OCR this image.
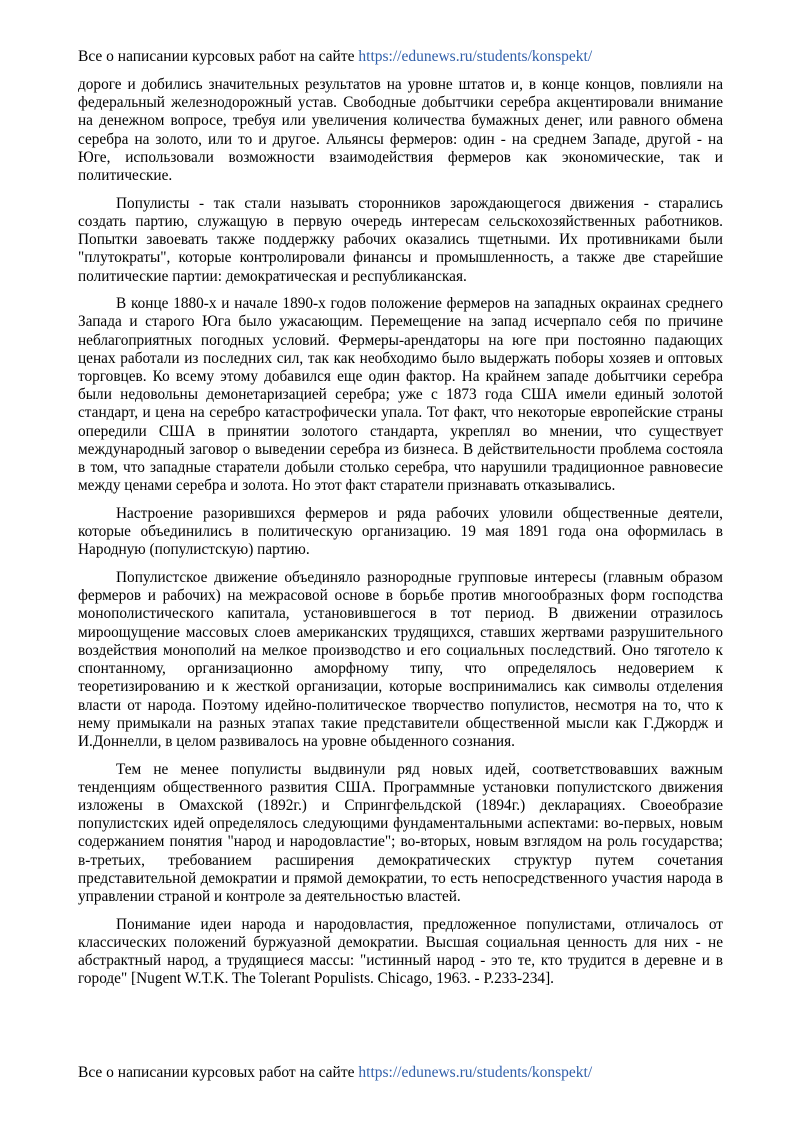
Все о написании курсовых работ на сайте https://edunews.ru/students/konspekt/

дороге и добились значительных результатов на уровне штатов и, в конце концов, повлияли на федеральный железнодорожный устав. Свободные добытчики серебра акцентировали внимание на денежном вопросе, требуя или увеличения количества бумажных денег, или равного обмена серебра на золото, или то и другое. Альянсы фермеров: один - на среднем Западе, другой - на Юге, использовали возможности взаимодействия фермеров как экономические, так и политические.

Популисты - так стали называть сторонников зарождающегося движения - старались создать партию, служащую в первую очередь интересам сельскохозяйственных работников. Попытки завоевать также поддержку рабочих оказались тщетными. Их противниками были "плутократы", которые контролировали финансы и промышленность, а также две старейшие политические партии: демократическая и республиканская.

В конце 1880-х и начале 1890-х годов положение фермеров на западных окраинах среднего Запада и старого Юга было ужасающим. Перемещение на запад исчерпало себя по причине неблагоприятных погодных условий. Фермеры-арендаторы на юге при постоянно падающих ценах работали из последних сил, так как необходимо было выдержать поборы хозяев и оптовых торговцев. Ко всему этому добавился еще один фактор. На крайнем западе добытчики серебра были недовольны демонетаризацией серебра; уже с 1873 года США имели единый золотой стандарт, и цена на серебро катастрофически упала. Тот факт, что некоторые европейские страны опередили США в принятии золотого стандарта, укреплял во мнении, что существует международный заговор о выведении серебра из бизнеса. В действительности проблема состояла в том, что западные старатели добыли столько серебра, что нарушили традиционное равновесие между ценами серебра и золота. Но этот факт старатели признавать отказывались.

Настроение разорившихся фермеров и ряда рабочих уловили общественные деятели, которые объединились в политическую организацию. 19 мая 1891 года она оформилась в Народную (популистскую) партию.

Популистское движение объединяло разнородные групповые интересы (главным образом фермеров и рабочих) на межрасовой основе в борьбе против многообразных форм господства монополистического капитала, установившегося в тот период. В движении отразилось мироощущение массовых слоев американских трудящихся, ставших жертвами разрушительного воздействия монополий на мелкое производство и его социальных последствий. Оно тяготело к спонтанному, организационно аморфному типу, что определялось недоверием к теоретизированию и к жесткой организации, которые воспринимались как символы отделения власти от народа. Поэтому идейно-политическое творчество популистов, несмотря на то, что к нему примыкали на разных этапах такие представители общественной мысли как Г.Джордж и И.Доннелли, в целом развивалось на уровне обыденного сознания.

Тем не менее популисты выдвинули ряд новых идей, соответствовавших важным тенденциям общественного развития США. Программные установки популистского движения изложены в Омахской (1892г.) и Спрингфельдской (1894г.) декларациях. Своеобразие популистских идей определялось следующими фундаментальными аспектами: во-первых, новым содержанием понятия "народ и народовластие"; во-вторых, новым взглядом на роль государства; в-третьих, требованием расширения демократических структур путем сочетания представительной демократии и прямой демократии, то есть непосредственного участия народа в управлении страной и контроле за деятельностью властей.

Понимание идеи народа и народовластия, предложенное популистами, отличалось от классических положений буржуазной демократии. Высшая социальная ценность для них - не абстрактный народ, а трудящиеся массы: "истинный народ - это те, кто трудится в деревне и в городе" [Nugent W.T.K. The Tolerant Populists. Chicago, 1963. - P.233-234].

Все о написании курсовых работ на сайте https://edunews.ru/students/konspekt/
